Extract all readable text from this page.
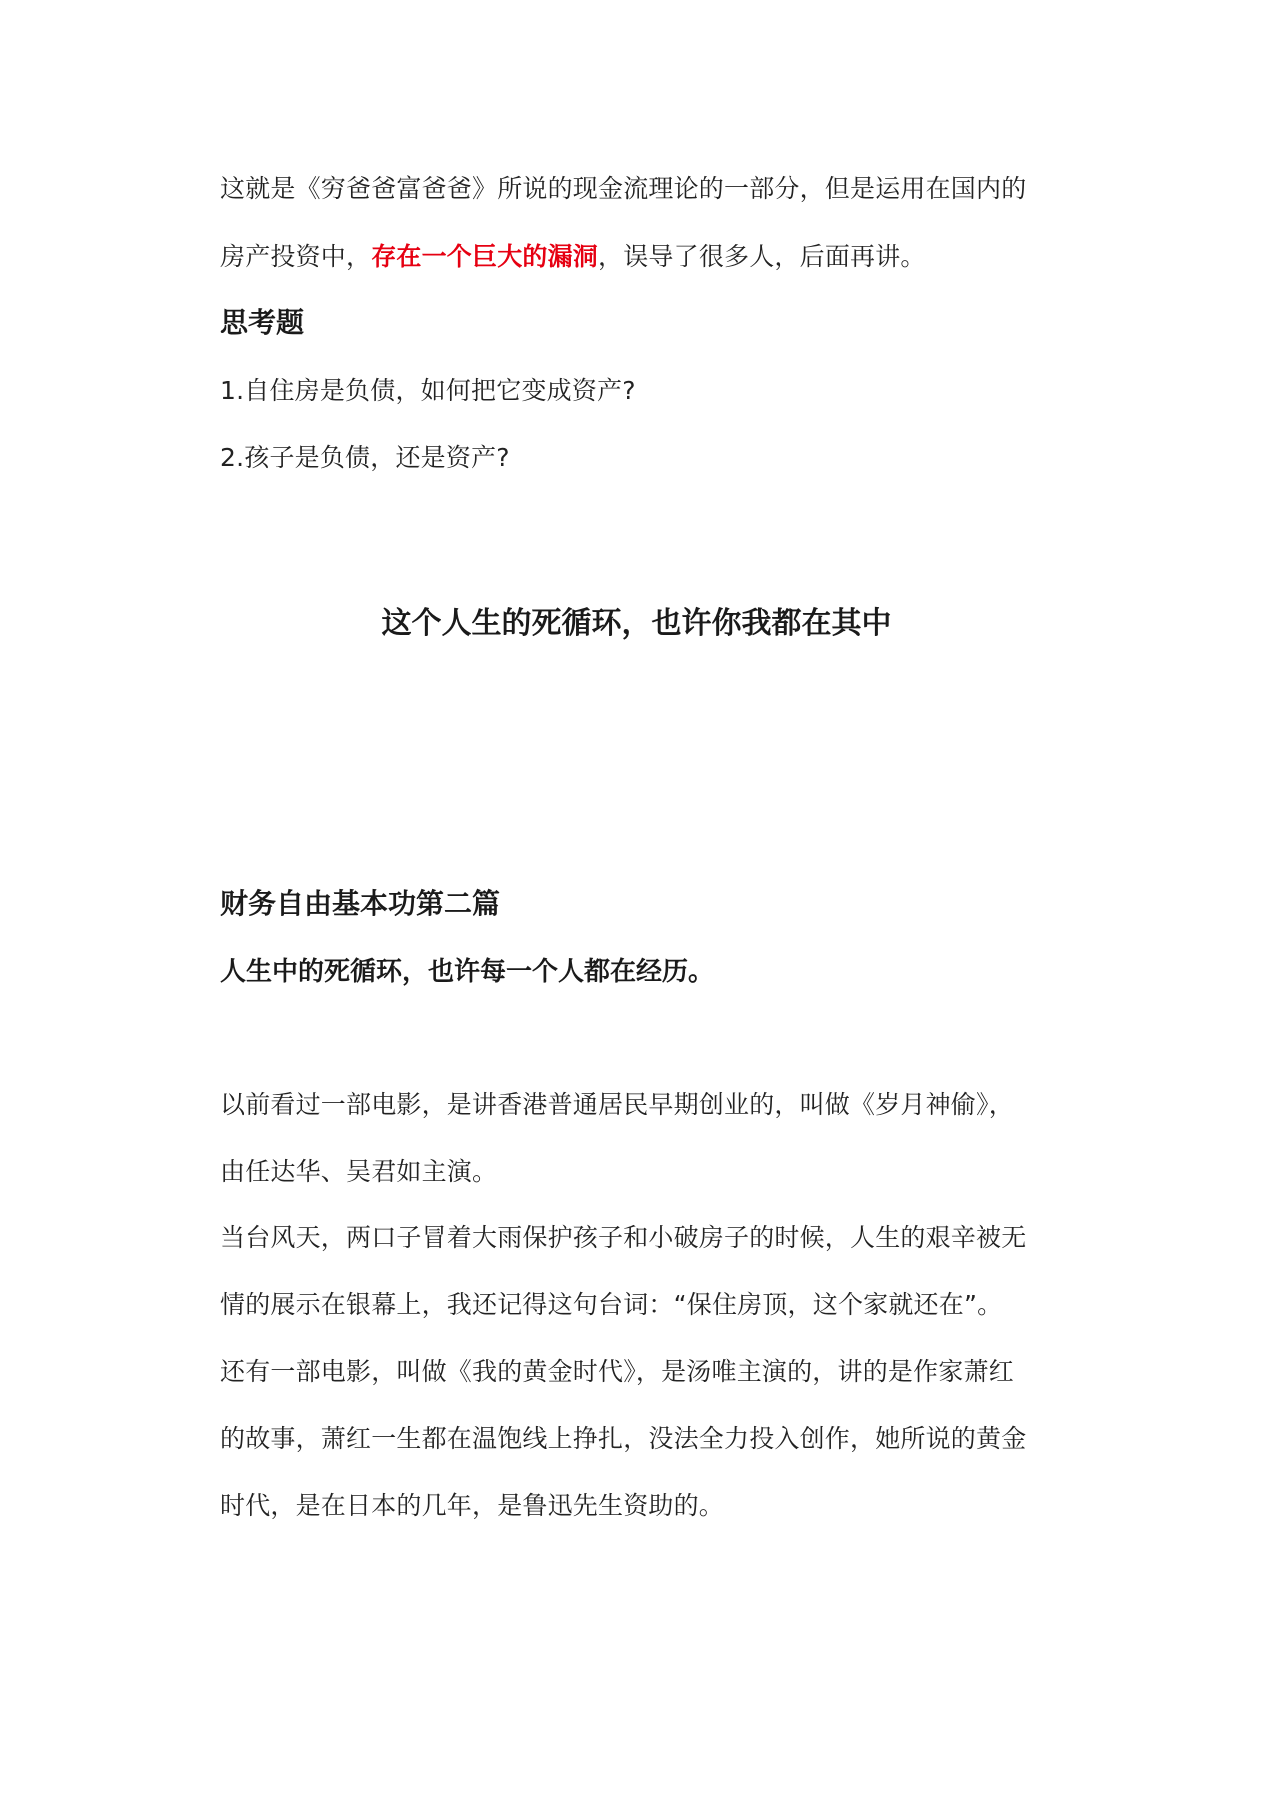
这就是《穷爸爸富爸爸》所说的现金流理论的一部分，但是运用在国内的
房产投资中，存在一个巨大的漏洞，误导了很多人，后面再讲。
思考题
1.自住房是负债，如何把它变成资产?
2.孩子是负债，还是资产?
这个人生的死循环，也许你我都在其中
财务自由基本功第二篇
人生中的死循环，也许每一个人都在经历。
以前看过一部电影，是讲香港普通居民早期创业的，叫做《岁月神偷》，
由任达华、吴君如主演。
当台风天，两口子冒着大雨保护孩子和小破房子的时候，人生的艰辛被无
情的展示在银幕上，我还记得这句台词：“保住房顶，这个家就还在”。
还有一部电影，叫做《我的黄金时代》，是汤唯主演的，讲的是作家萧红
的故事，萧红一生都在温饱线上挣扎，没法全力投入创作，她所说的黄金
时代，是在日本的几年，是鲁迅先生资助的。
